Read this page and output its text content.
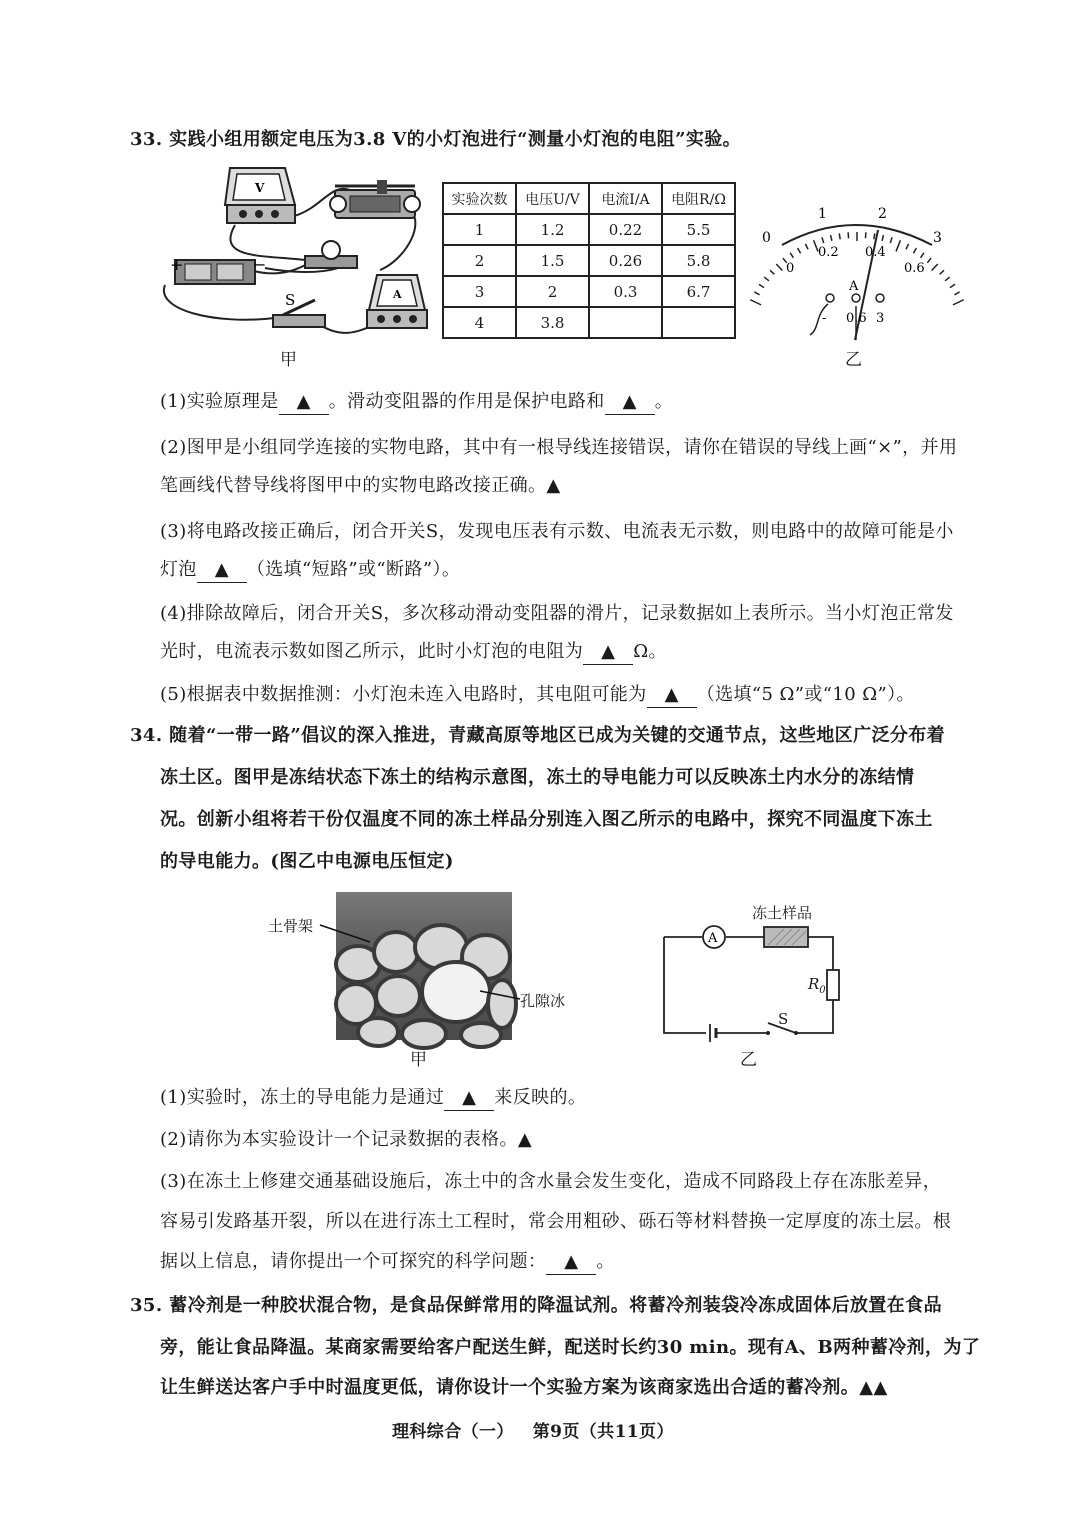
33. 实践小组用额定电压为3.8 V的小灯泡进行“测量小灯泡的电阻”实验。
V
+	−
S	A
甲
实验次数	电压U/V	电流I/A	电阻R/Ω
1	1.2	0.22	5.5
2	1.5	0.26	5.8
3	2	0.3	6.7
4	3.8		
0
1	2
3
0
0.2 0.4
0.6
A
- 0.6 3
乙
(1)实验原理是 ▲ 。滑动变阻器的作用是保护电路和 ▲ 。
(2)图甲是小组同学连接的实物电路，其中有一根导线连接错误，请你在错误的导线上画“×”，并用
笔画线代替导线将图甲中的实物电路改接正确。▲
(3)将电路改接正确后，闭合开关S，发现电压表有示数、电流表无示数，则电路中的故障可能是小
灯泡 ▲ （选填“短路”或“断路”）。
(4)排除故障后，闭合开关S，多次移动滑动变阻器的滑片，记录数据如上表所示。当小灯泡正常发
光时，电流表示数如图乙所示，此时小灯泡的电阻为 ▲ Ω。
(5)根据表中数据推测：小灯泡未连入电路时，其电阻可能为 ▲ （选填“5 Ω”或“10 Ω”）。
34. 随着“一带一路”倡议的深入推进，青藏高原等地区已成为关键的交通节点，这些地区广泛分布着
冻土区。图甲是冻结状态下冻土的结构示意图，冻土的导电能力可以反映冻土内水分的冻结情
况。创新小组将若干份仅温度不同的冻土样品分别连入图乙所示的电路中，探究不同温度下冻土
的导电能力。(图乙中电源电压恒定)
土骨架
孔隙冰
甲
A
冻土样品
$R_0$
S
乙
(1)实验时，冻土的导电能力是通过 ▲ 来反映的。
(2)请你为本实验设计一个记录数据的表格。▲
(3)在冻土上修建交通基础设施后，冻土中的含水量会发生变化，造成不同路段上存在冻胀差异，
容易引发路基开裂，所以在进行冻土工程时，常会用粗砂、砾石等材料替换一定厚度的冻土层。根
据以上信息，请你提出一个可探究的科学问题： ▲ 。
35. 蓄冷剂是一种胶状混合物，是食品保鲜常用的降温试剂。将蓄冷剂装袋冷冻成固体后放置在食品
旁，能让食品降温。某商家需要给客户配送生鲜，配送时长约30 min。现有A、B两种蓄冷剂，为了
让生鲜送达客户手中时温度更低，请你设计一个实验方案为该商家选出合适的蓄冷剂。▲▲
理科综合（一）   第9页（共11页）
